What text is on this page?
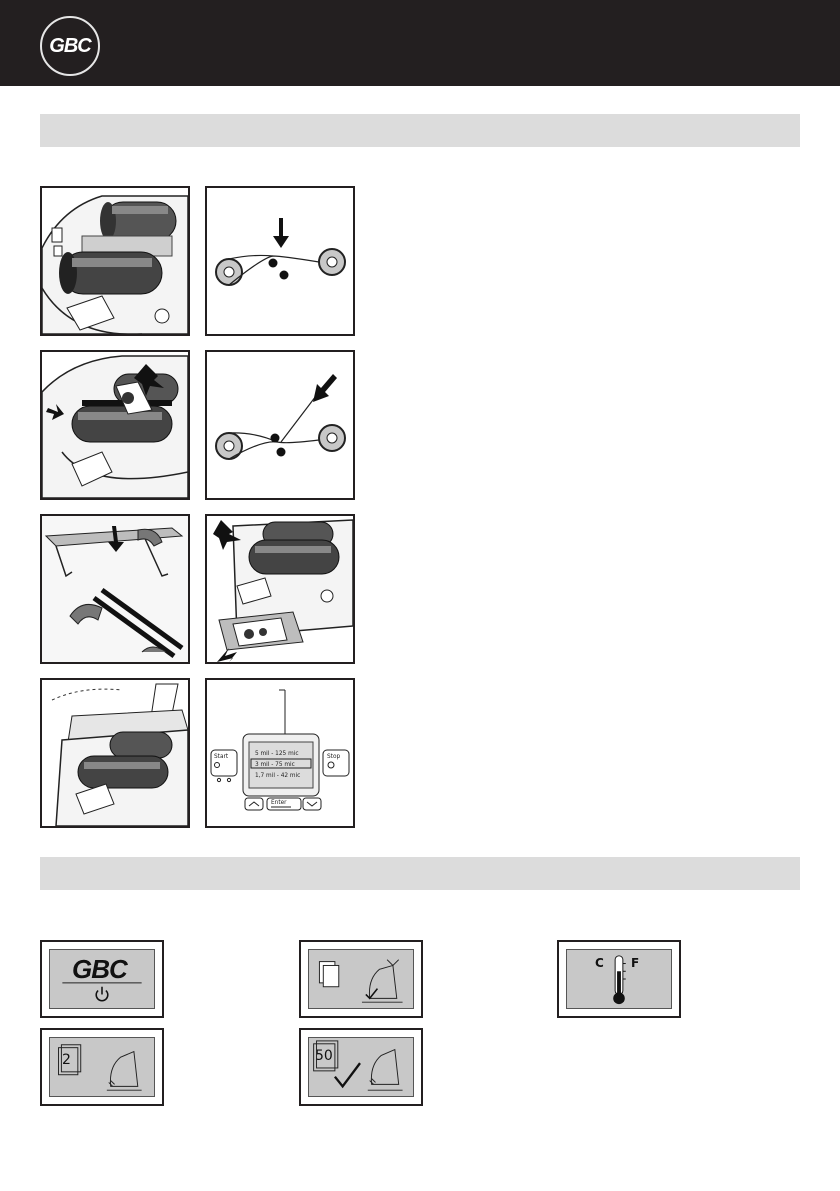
GBC
Start	Stop
Enter
5 mil - 125 mic
3 mil - 75 mic
1,7 mil - 42 mic
GBC	C F
2	50
